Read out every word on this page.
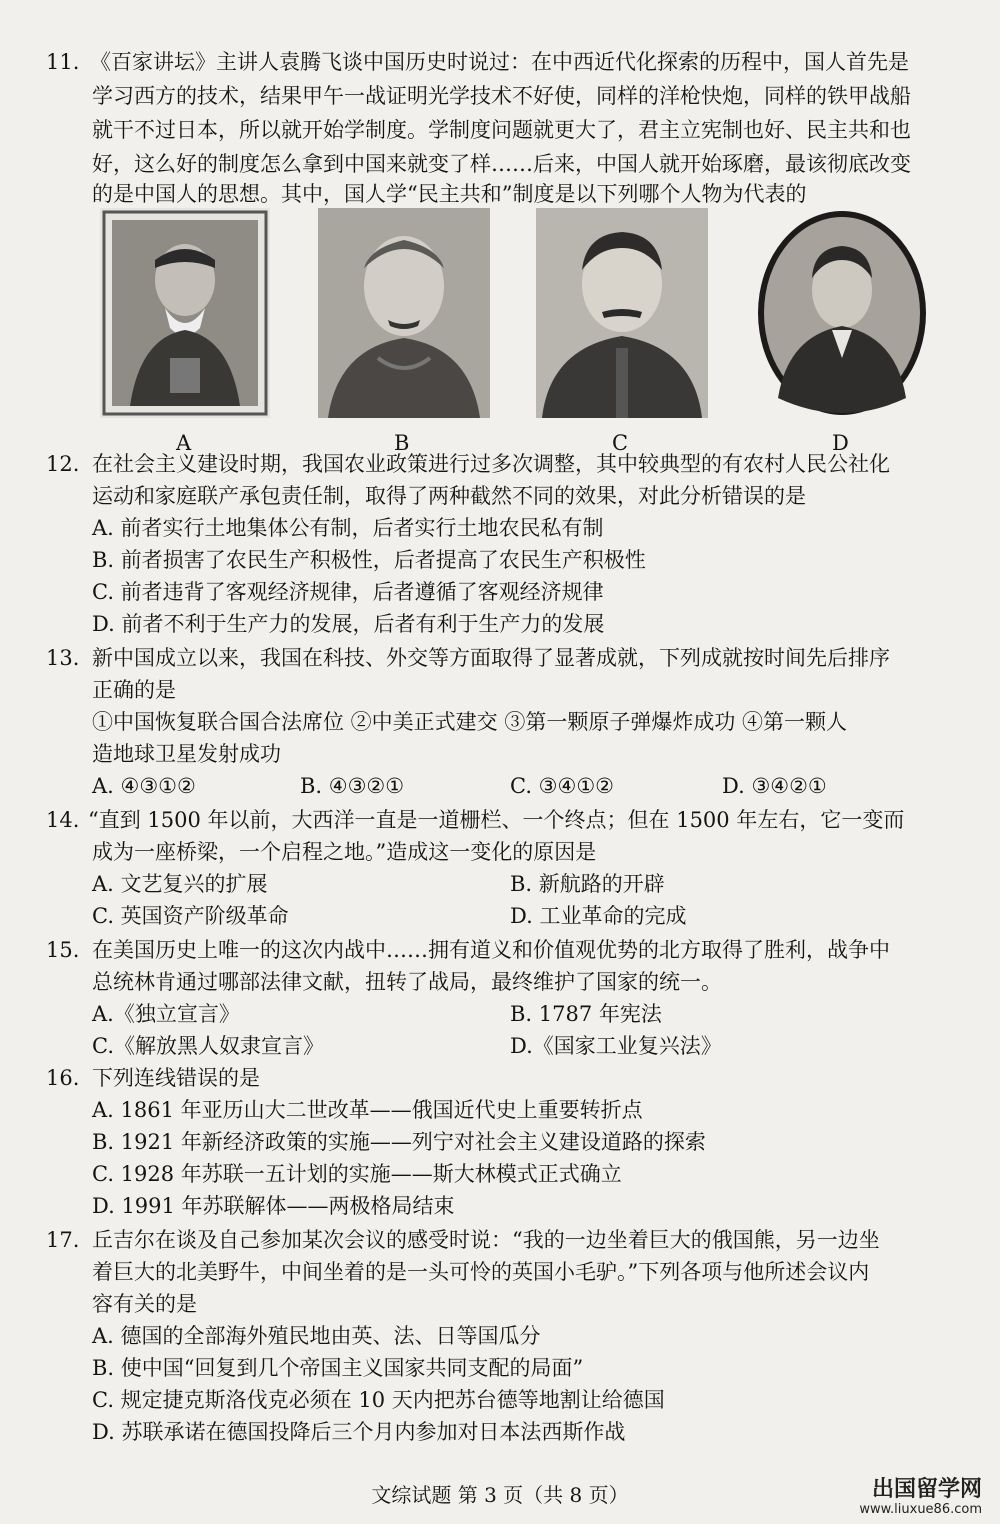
11. 《百家讲坛》主讲人袁腾飞谈中国历史时说过：在中西近代化探索的历程中，国人首先是
学习西方的技术，结果甲午一战证明光学技术不好使，同样的洋枪快炮，同样的铁甲战船
就干不过日本，所以就开始学制度。学制度问题就更大了，君主立宪制也好、民主共和也
好，这么好的制度怎么拿到中国来就变了样……后来，中国人就开始琢磨，最该彻底改变
的是中国人的思想。其中，国人学“民主共和”制度是以下列哪个人物为代表的
A	B	C	D
12. 在社会主义建设时期，我国农业政策进行过多次调整，其中较典型的有农村人民公社化
运动和家庭联产承包责任制，取得了两种截然不同的效果，对此分析错误的是
A. 前者实行土地集体公有制，后者实行土地农民私有制
B. 前者损害了农民生产积极性，后者提高了农民生产积极性
C. 前者违背了客观经济规律，后者遵循了客观经济规律
D. 前者不利于生产力的发展，后者有利于生产力的发展
13. 新中国成立以来，我国在科技、外交等方面取得了显著成就，下列成就按时间先后排序
正确的是
①中国恢复联合国合法席位 ②中美正式建交 ③第一颗原子弹爆炸成功 ④第一颗人
造地球卫星发射成功
A. ④③①②	B. ④③②①	C. ③④①②	D. ③④②①
14. “直到 1500 年以前，大西洋一直是一道栅栏、一个终点；但在 1500 年左右，它一变而
成为一座桥梁，一个启程之地。”造成这一变化的原因是
A. 文艺复兴的扩展	B. 新航路的开辟
C. 英国资产阶级革命	D. 工业革命的完成
15. 在美国历史上唯一的这次内战中……拥有道义和价值观优势的北方取得了胜利，战争中
总统林肯通过哪部法律文献，扭转了战局，最终维护了国家的统一。
A.《独立宣言》	B. 1787 年宪法
C.《解放黑人奴隶宣言》	D.《国家工业复兴法》
16. 下列连线错误的是
A. 1861 年亚历山大二世改革——俄国近代史上重要转折点
B. 1921 年新经济政策的实施——列宁对社会主义建设道路的探索
C. 1928 年苏联一五计划的实施——斯大林模式正式确立
D. 1991 年苏联解体——两极格局结束
17. 丘吉尔在谈及自己参加某次会议的感受时说：“我的一边坐着巨大的俄国熊，另一边坐
着巨大的北美野牛，中间坐着的是一头可怜的英国小毛驴。”下列各项与他所述会议内
容有关的是
A. 德国的全部海外殖民地由英、法、日等国瓜分
B. 使中国“回复到几个帝国主义国家共同支配的局面”
C. 规定捷克斯洛伐克必须在 10 天内把苏台德等地割让给德国
D. 苏联承诺在德国投降后三个月内参加对日本法西斯作战
文综试题 第 3 页（共 8 页）	出国留学网
www.liuxue86.com
